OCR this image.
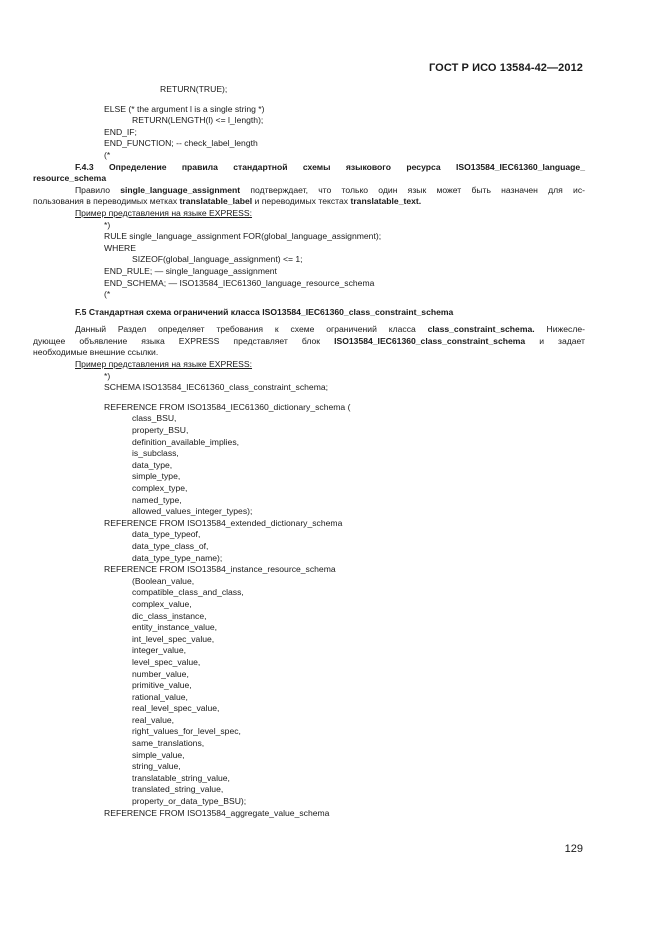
ГОСТ Р ИСО 13584-42—2012
RETURN(TRUE);
ELSE (* the argument l is a single string *)
RETURN(LENGTH(l) <= l_length);
END_IF;
END_FUNCTION; -- check_label_length
(*
F.4.3 Определение правила стандартной схемы языкового ресурса ISO13584_IEC61360_language_
resource_schema
Правило single_language_assignment подтверждает, что только один язык может быть назначен для ис-
пользования в переводимых метках translatable_label и переводимых текстах translatable_text.
Пример представления на языке EXPRESS:
*)
RULE single_language_assignment FOR(global_language_assignment);
WHERE
SIZEOF(global_language_assignment) <= 1;
END_RULE; — single_language_assignment
END_SCHEMA; — ISO13584_IEC61360_language_resource_schema
(*
F.5 Стандартная схема ограничений класса ISO13584_IEC61360_class_constraint_schema
Данный Раздел определяет требования к схеме ограничений класса class_constraint_schema. Нижесле-
дующее объявление языка EXPRESS представляет блок ISO13584_IEC61360_class_constraint_schema и задает
необходимые внешние ссылки.
Пример представления на языке EXPRESS:
*)
SCHEMA ISO13584_IEC61360_class_constraint_schema;
REFERENCE FROM ISO13584_IEC61360_dictionary_schema (
class_BSU,
property_BSU,
definition_available_implies,
is_subclass,
data_type,
simple_type,
complex_type,
named_type,
allowed_values_integer_types);
REFERENCE FROM ISO13584_extended_dictionary_schema
data_type_typeof,
data_type_class_of,
data_type_type_name);
REFERENCE FROM ISO13584_instance_resource_schema
(Boolean_value,
compatible_class_and_class,
complex_value,
dic_class_instance,
entity_instance_value,
int_level_spec_value,
integer_value,
level_spec_value,
number_value,
primitive_value,
rational_value,
real_level_spec_value,
real_value,
right_values_for_level_spec,
same_translations,
simple_value,
string_value,
translatable_string_value,
translated_string_value,
property_or_data_type_BSU);
REFERENCE FROM ISO13584_aggregate_value_schema
129
